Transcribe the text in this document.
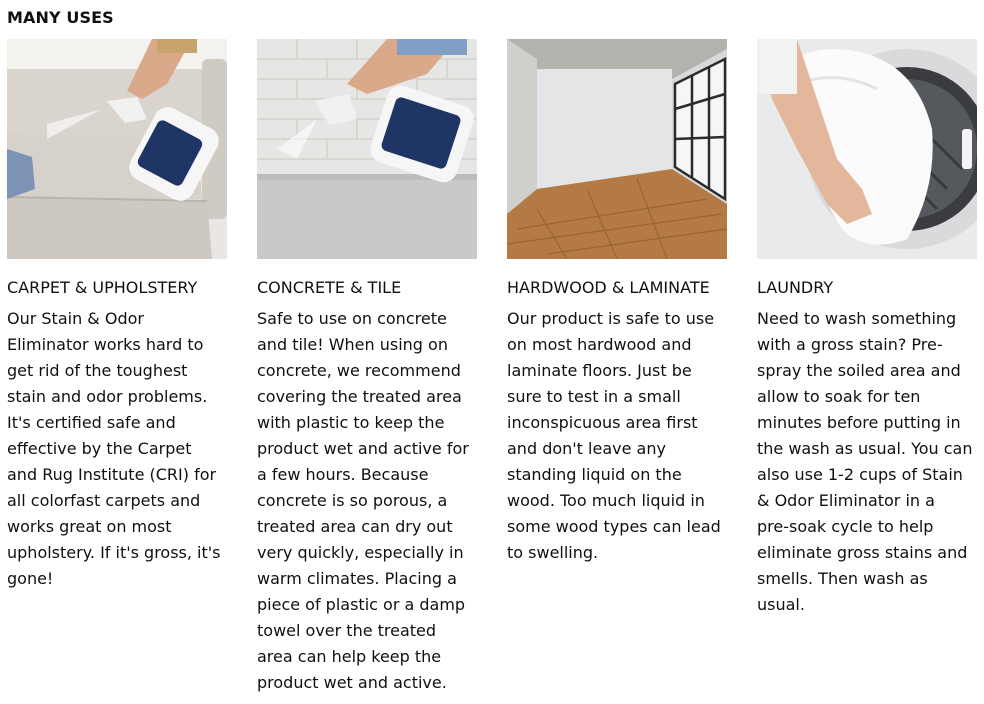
MANY USES
CARPET & UPHOLSTERY
Our Stain & Odor
Eliminator works hard to
get rid of the toughest
stain and odor problems.
It's certified safe and
effective by the Carpet
and Rug Institute (CRI) for
all colorfast carpets and
works great on most
upholstery. If it's gross, it's
gone!
CONCRETE & TILE
Safe to use on concrete
and tile! When using on
concrete, we recommend
covering the treated area
with plastic to keep the
product wet and active for
a few hours. Because
concrete is so porous, a
treated area can dry out
very quickly, especially in
warm climates. Placing a
piece of plastic or a damp
towel over the treated
area can help keep the
product wet and active.
HARDWOOD & LAMINATE
Our product is safe to use
on most hardwood and
laminate floors. Just be
sure to test in a small
inconspicuous area first
and don't leave any
standing liquid on the
wood. Too much liquid in
some wood types can lead
to swelling.
LAUNDRY
Need to wash something
with a gross stain? Pre-
spray the soiled area and
allow to soak for ten
minutes before putting in
the wash as usual. You can
also use 1-2 cups of Stain
& Odor Eliminator in a
pre-soak cycle to help
eliminate gross stains and
smells. Then wash as
usual.
